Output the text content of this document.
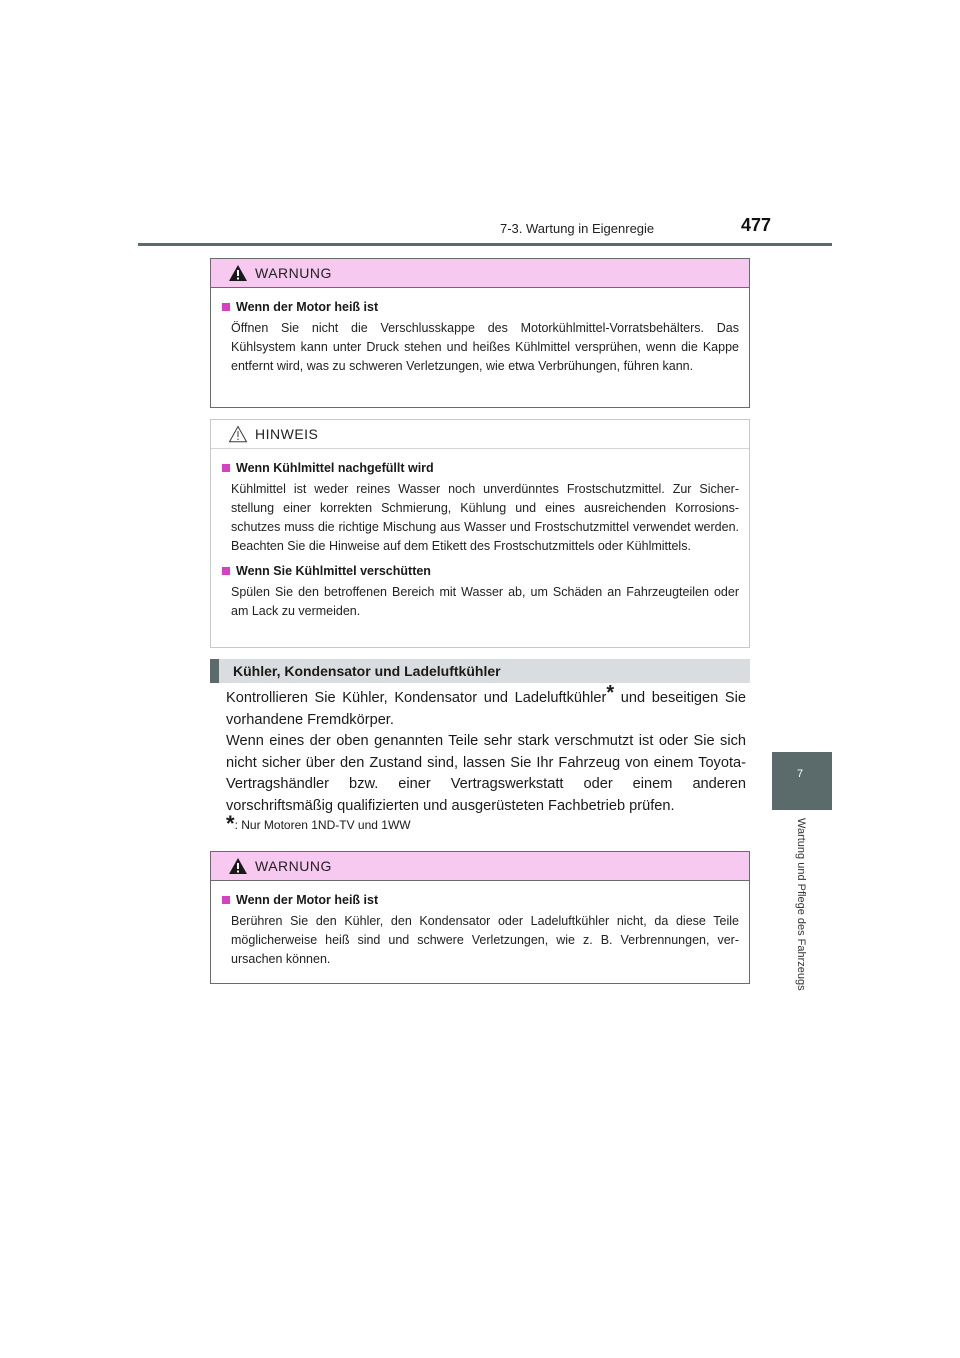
7-3. Wartung in Eigenregie	477
7
Wartung und Pflege des Fahrzeugs
WARNUNG
Wenn der Motor heiß ist
Öffnen Sie nicht die Verschlusskappe des Motorkühlmittel-Vorratsbehälters. Das Kühlsystem kann unter Druck stehen und heißes Kühlmittel versprühen, wenn die Kappe entfernt wird, was zu schweren Verletzungen, wie etwa Verbrühungen, führen kann.
HINWEIS
Wenn Kühlmittel nachgefüllt wird
Kühlmittel ist weder reines Wasser noch unverdünntes Frostschutzmittel. Zur Sicher-stellung einer korrekten Schmierung, Kühlung und eines ausreichenden Korrosions-schutzes muss die richtige Mischung aus Wasser und Frostschutzmittel verwendet werden. Beachten Sie die Hinweise auf dem Etikett des Frostschutzmittels oder Kühlmittels.
Wenn Sie Kühlmittel verschütten
Spülen Sie den betroffenen Bereich mit Wasser ab, um Schäden an Fahrzeugteilen oder am Lack zu vermeiden.
Kühler, Kondensator und Ladeluftkühler

Kontrollieren Sie Kühler, Kondensator und Ladeluftkühler* und beseitigen Sie vorhandene Fremdkörper.

Wenn eines der oben genannten Teile sehr stark verschmutzt ist oder Sie sich nicht sicher über den Zustand sind, lassen Sie Ihr Fahrzeug von einem Toyota-Vertragshändler bzw. einer Vertragswerkstatt oder einem anderen vorschriftsmäßig qualifizierten und ausgerüsteten Fachbetrieb prüfen.

*: Nur Motoren 1ND-TV und 1WW
WARNUNG
Wenn der Motor heiß ist
Berühren Sie den Kühler, den Kondensator oder Ladeluftkühler nicht, da diese Teile möglicherweise heiß sind und schwere Verletzungen, wie z. B. Verbrennungen, ver-ursachen können.
